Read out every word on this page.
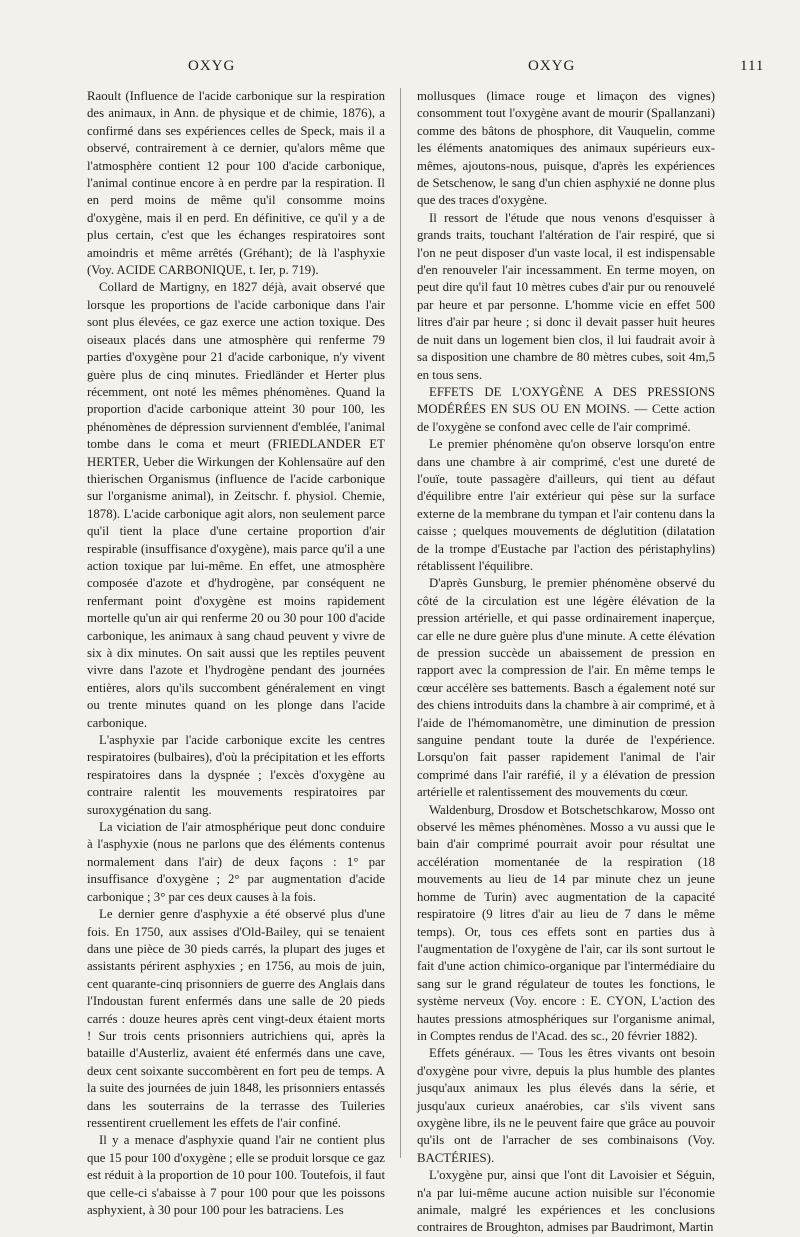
OXYG	OXYG	111

Raoult (Influence de l'acide carbonique sur la respiration des animaux, in Ann. de physique et de chimie, 1876), a confirmé dans ses expériences celles de Speck, mais il a observé, contrairement à ce dernier, qu'alors même que l'atmosphère contient 12 pour 100 d'acide carbonique, l'animal continue encore à en perdre par la respiration. Il en perd moins de même qu'il consomme moins d'oxygène, mais il en perd. En définitive, ce qu'il y a de plus certain, c'est que les échanges respiratoires sont amoindris et même arrêtés (Gréhant); de là l'asphyxie (Voy. ACIDE CARBONIQUE, t. Ier, p. 719).

Collard de Martigny, en 1827 déjà, avait observé que lorsque les proportions de l'acide carbonique dans l'air sont plus élevées, ce gaz exerce une action toxique. Des oiseaux placés dans une atmosphère qui renferme 79 parties d'oxygène pour 21 d'acide carbonique, n'y vivent guère plus de cinq minutes. Friedländer et Herter plus récemment, ont noté les mêmes phénomènes. Quand la proportion d'acide carbonique atteint 30 pour 100, les phénomènes de dépression surviennent d'emblée, l'animal tombe dans le coma et meurt (FRIEDLANDER ET HERTER, Ueber die Wirkungen der Kohlensaüre auf den thierischen Organismus (influence de l'acide carbonique sur l'organisme animal), in Zeitschr. f. physiol. Chemie, 1878). L'acide carbonique agit alors, non seulement parce qu'il tient la place d'une certaine proportion d'air respirable (insuffisance d'oxygène), mais parce qu'il a une action toxique par lui-même. En effet, une atmosphère composée d'azote et d'hydrogène, par conséquent ne renfermant point d'oxygène est moins rapidement mortelle qu'un air qui renferme 20 ou 30 pour 100 d'acide carbonique, les animaux à sang chaud peuvent y vivre de six à dix minutes. On sait aussi que les reptiles peuvent vivre dans l'azote et l'hydrogène pendant des journées entières, alors qu'ils succombent généralement en vingt ou trente minutes quand on les plonge dans l'acide carbonique.

L'asphyxie par l'acide carbonique excite les centres respiratoires (bulbaires), d'où la précipitation et les efforts respiratoires dans la dyspnée ; l'excès d'oxygène au contraire ralentit les mouvements respiratoires par suroxygénation du sang.

La viciation de l'air atmosphérique peut donc conduire à l'asphyxie (nous ne parlons que des éléments contenus normalement dans l'air) de deux façons : 1° par insuffisance d'oxygène ; 2° par augmentation d'acide carbonique ; 3° par ces deux causes à la fois.

Le dernier genre d'asphyxie a été observé plus d'une fois. En 1750, aux assises d'Old-Bailey, qui se tenaient dans une pièce de 30 pieds carrés, la plupart des juges et assistants périrent asphyxies ; en 1756, au mois de juin, cent quarante-cinq prisonniers de guerre des Anglais dans l'Indoustan furent enfermés dans une salle de 20 pieds carrés : douze heures après cent vingt-deux étaient morts ! Sur trois cents prisonniers autrichiens qui, après la bataille d'Austerliz, avaient été enfermés dans une cave, deux cent soixante succombèrent en fort peu de temps. A la suite des journées de juin 1848, les prisonniers entassés dans les souterrains de la terrasse des Tuileries ressentirent cruellement les effets de l'air confiné.

Il y a menace d'asphyxie quand l'air ne contient plus que 15 pour 100 d'oxygène ; elle se produit lorsque ce gaz est réduit à la proportion de 10 pour 100. Toutefois, il faut que celle-ci s'abaisse à 7 pour 100 pour que les poissons asphyxient, à 30 pour 100 pour les batraciens. Les

mollusques (limace rouge et limaçon des vignes) consomment tout l'oxygène avant de mourir (Spallanzani) comme des bâtons de phosphore, dit Vauquelin, comme les éléments anatomiques des animaux supérieurs eux-mêmes, ajoutons-nous, puisque, d'après les expériences de Setschenow, le sang d'un chien asphyxié ne donne plus que des traces d'oxygène.

Il ressort de l'étude que nous venons d'esquisser à grands traits, touchant l'altération de l'air respiré, que si l'on ne peut disposer d'un vaste local, il est indispensable d'en renouveler l'air incessamment. En terme moyen, on peut dire qu'il faut 10 mètres cubes d'air pur ou renouvelé par heure et par personne. L'homme vicie en effet 500 litres d'air par heure ; si donc il devait passer huit heures de nuit dans un logement bien clos, il lui faudrait avoir à sa disposition une chambre de 80 mètres cubes, soit 4m,5 en tous sens.

EFFETS DE L'OXYGÈNE A DES PRESSIONS MODÉRÉES EN SUS OU EN MOINS. — Cette action de l'oxygène se confond avec celle de l'air comprimé.

Le premier phénomène qu'on observe lorsqu'on entre dans une chambre à air comprimé, c'est une dureté de l'ouïe, toute passagère d'ailleurs, qui tient au défaut d'équilibre entre l'air extérieur qui pèse sur la surface externe de la membrane du tympan et l'air contenu dans la caisse ; quelques mouvements de déglutition (dilatation de la trompe d'Eustache par l'action des péristaphylins) rétablissent l'équilibre.

D'après Gunsburg, le premier phénomène observé du côté de la circulation est une légère élévation de la pression artérielle, et qui passe ordinairement inaperçue, car elle ne dure guère plus d'une minute. A cette élévation de pression succède un abaissement de pression en rapport avec la compression de l'air. En même temps le cœur accélère ses battements. Basch a également noté sur des chiens introduits dans la chambre à air comprimé, et à l'aide de l'hémomanomètre, une diminution de pression sanguine pendant toute la durée de l'expérience. Lorsqu'on fait passer rapidement l'animal de l'air comprimé dans l'air raréfié, il y a élévation de pression artérielle et ralentissement des mouvements du cœur.

Waldenburg, Drosdow et Botschetschkarow, Mosso ont observé les mêmes phénomènes. Mosso a vu aussi que le bain d'air comprimé pourrait avoir pour résultat une accélération momentanée de la respiration (18 mouvements au lieu de 14 par minute chez un jeune homme de Turin) avec augmentation de la capacité respiratoire (9 litres d'air au lieu de 7 dans le même temps). Or, tous ces effets sont en parties dus à l'augmentation de l'oxygène de l'air, car ils sont surtout le fait d'une action chimico-organique par l'intermédiaire du sang sur le grand régulateur de toutes les fonctions, le système nerveux (Voy. encore : E. CYON, L'action des hautes pressions atmosphériques sur l'organisme animal, in Comptes rendus de l'Acad. des sc., 20 février 1882).

Effets généraux. — Tous les êtres vivants ont besoin d'oxygène pour vivre, depuis la plus humble des plantes jusqu'aux animaux les plus élevés dans la série, et jusqu'aux curieux anaérobies, car s'ils vivent sans oxygène libre, ils ne le peuvent faire que grâce au pouvoir qu'ils ont de l'arracher de ses combinaisons (Voy. BACTÉRIES).

L'oxygène pur, ainsi que l'ont dit Lavoisier et Séguin, n'a par lui-même aucune action nuisible sur l'économie animale, malgré les expériences et les conclusions contraires de Broughton, admises par Baudrimont, Martin
